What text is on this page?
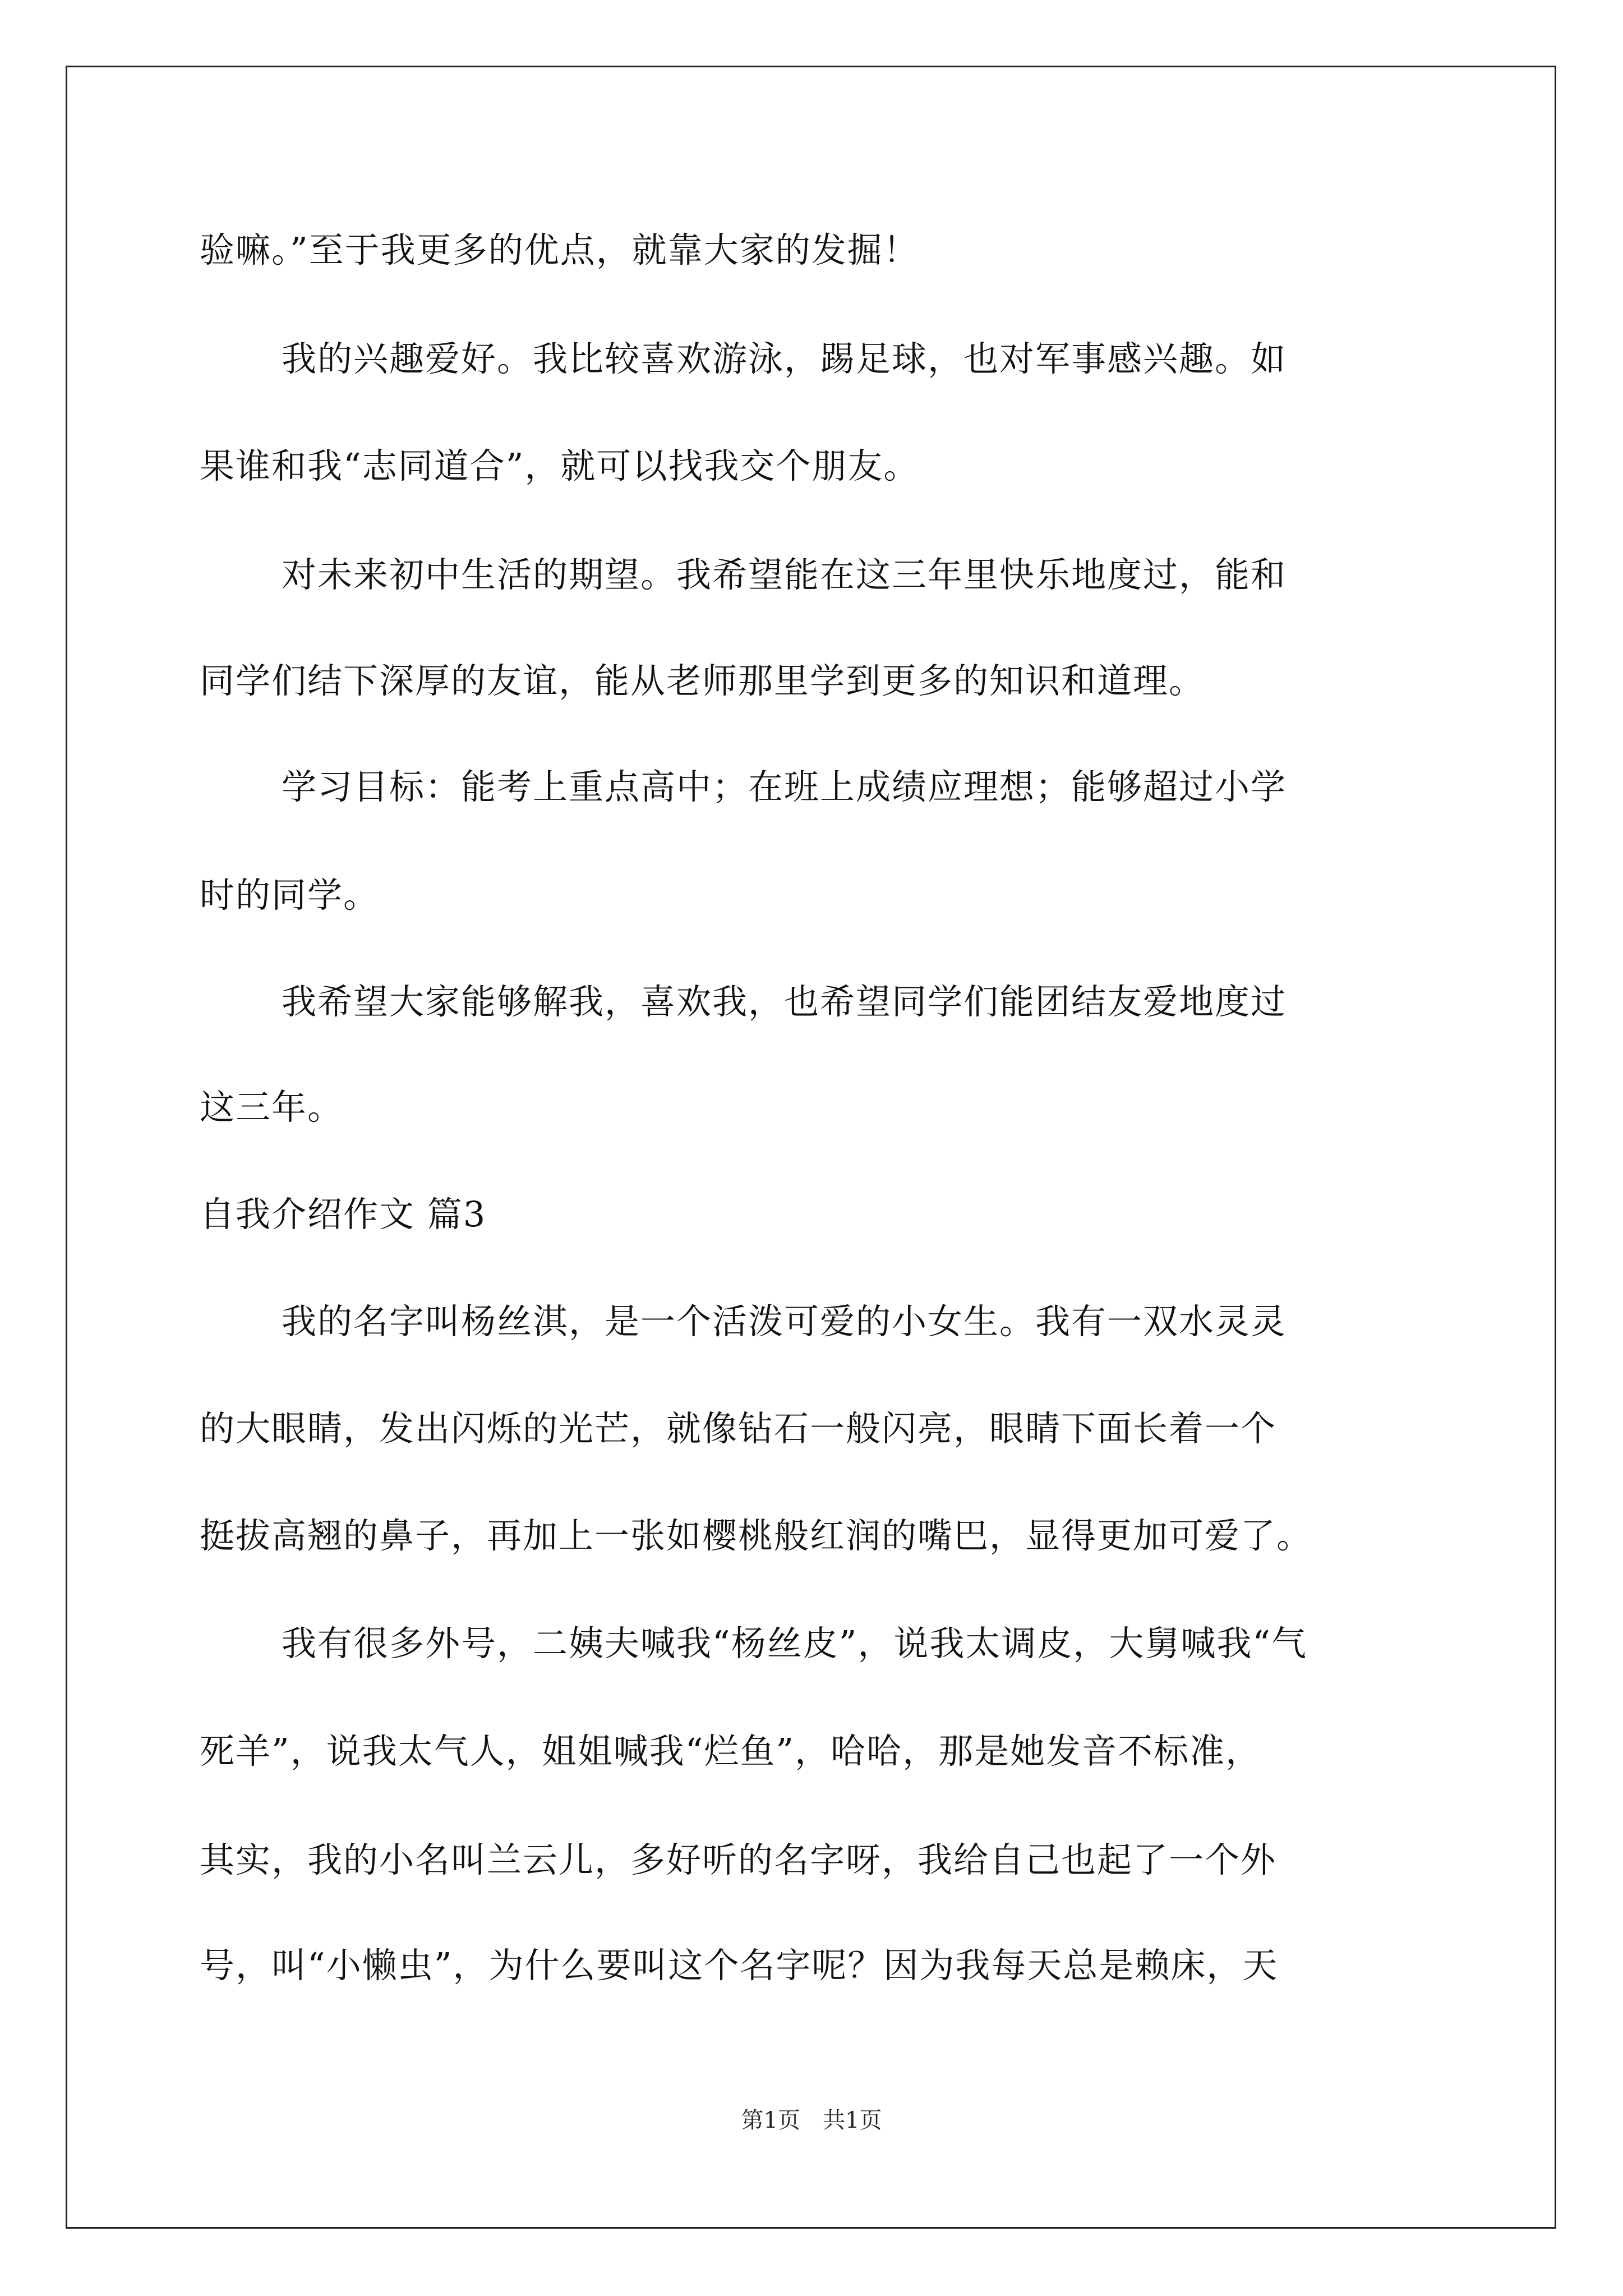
验嘛。”至于我更多的优点，就靠大家的发掘！
我的兴趣爱好。我比较喜欢游泳，踢足球，也对军事感兴趣。如
果谁和我“志同道合”，就可以找我交个朋友。
对未来初中生活的期望。我希望能在这三年里快乐地度过，能和
同学们结下深厚的友谊，能从老师那里学到更多的知识和道理。
学习目标：能考上重点高中；在班上成绩应理想；能够超过小学
时的同学。
我希望大家能够解我，喜欢我，也希望同学们能团结友爱地度过
这三年。
自我介绍作文 篇3
我的名字叫杨丝淇，是一个活泼可爱的小女生。我有一双水灵灵
的大眼睛，发出闪烁的光芒，就像钻石一般闪亮，眼睛下面长着一个
挺拔高翘的鼻子，再加上一张如樱桃般红润的嘴巴，显得更加可爱了。
我有很多外号，二姨夫喊我“杨丝皮”，说我太调皮，大舅喊我“气
死羊”，说我太气人，姐姐喊我“烂鱼”，哈哈，那是她发音不标准，
其实，我的小名叫兰云儿，多好听的名字呀，我给自己也起了一个外
号，叫“小懒虫”，为什么要叫这个名字呢？因为我每天总是赖床，天
第1页　共1页
